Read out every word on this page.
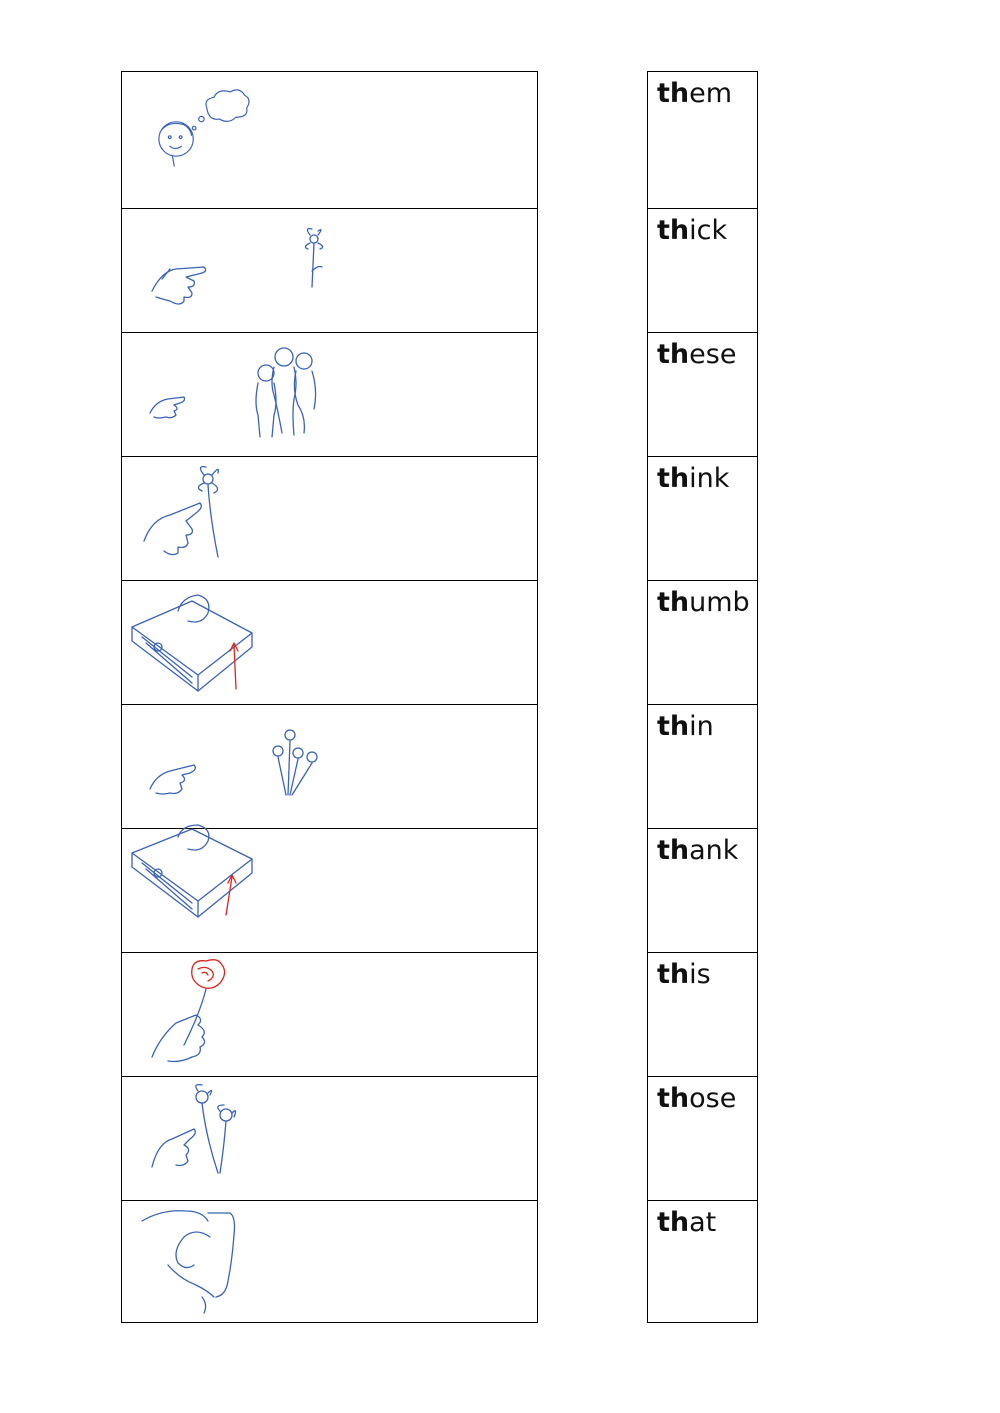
them
thick
these
think
thumb
thin
thank
this
those
that
